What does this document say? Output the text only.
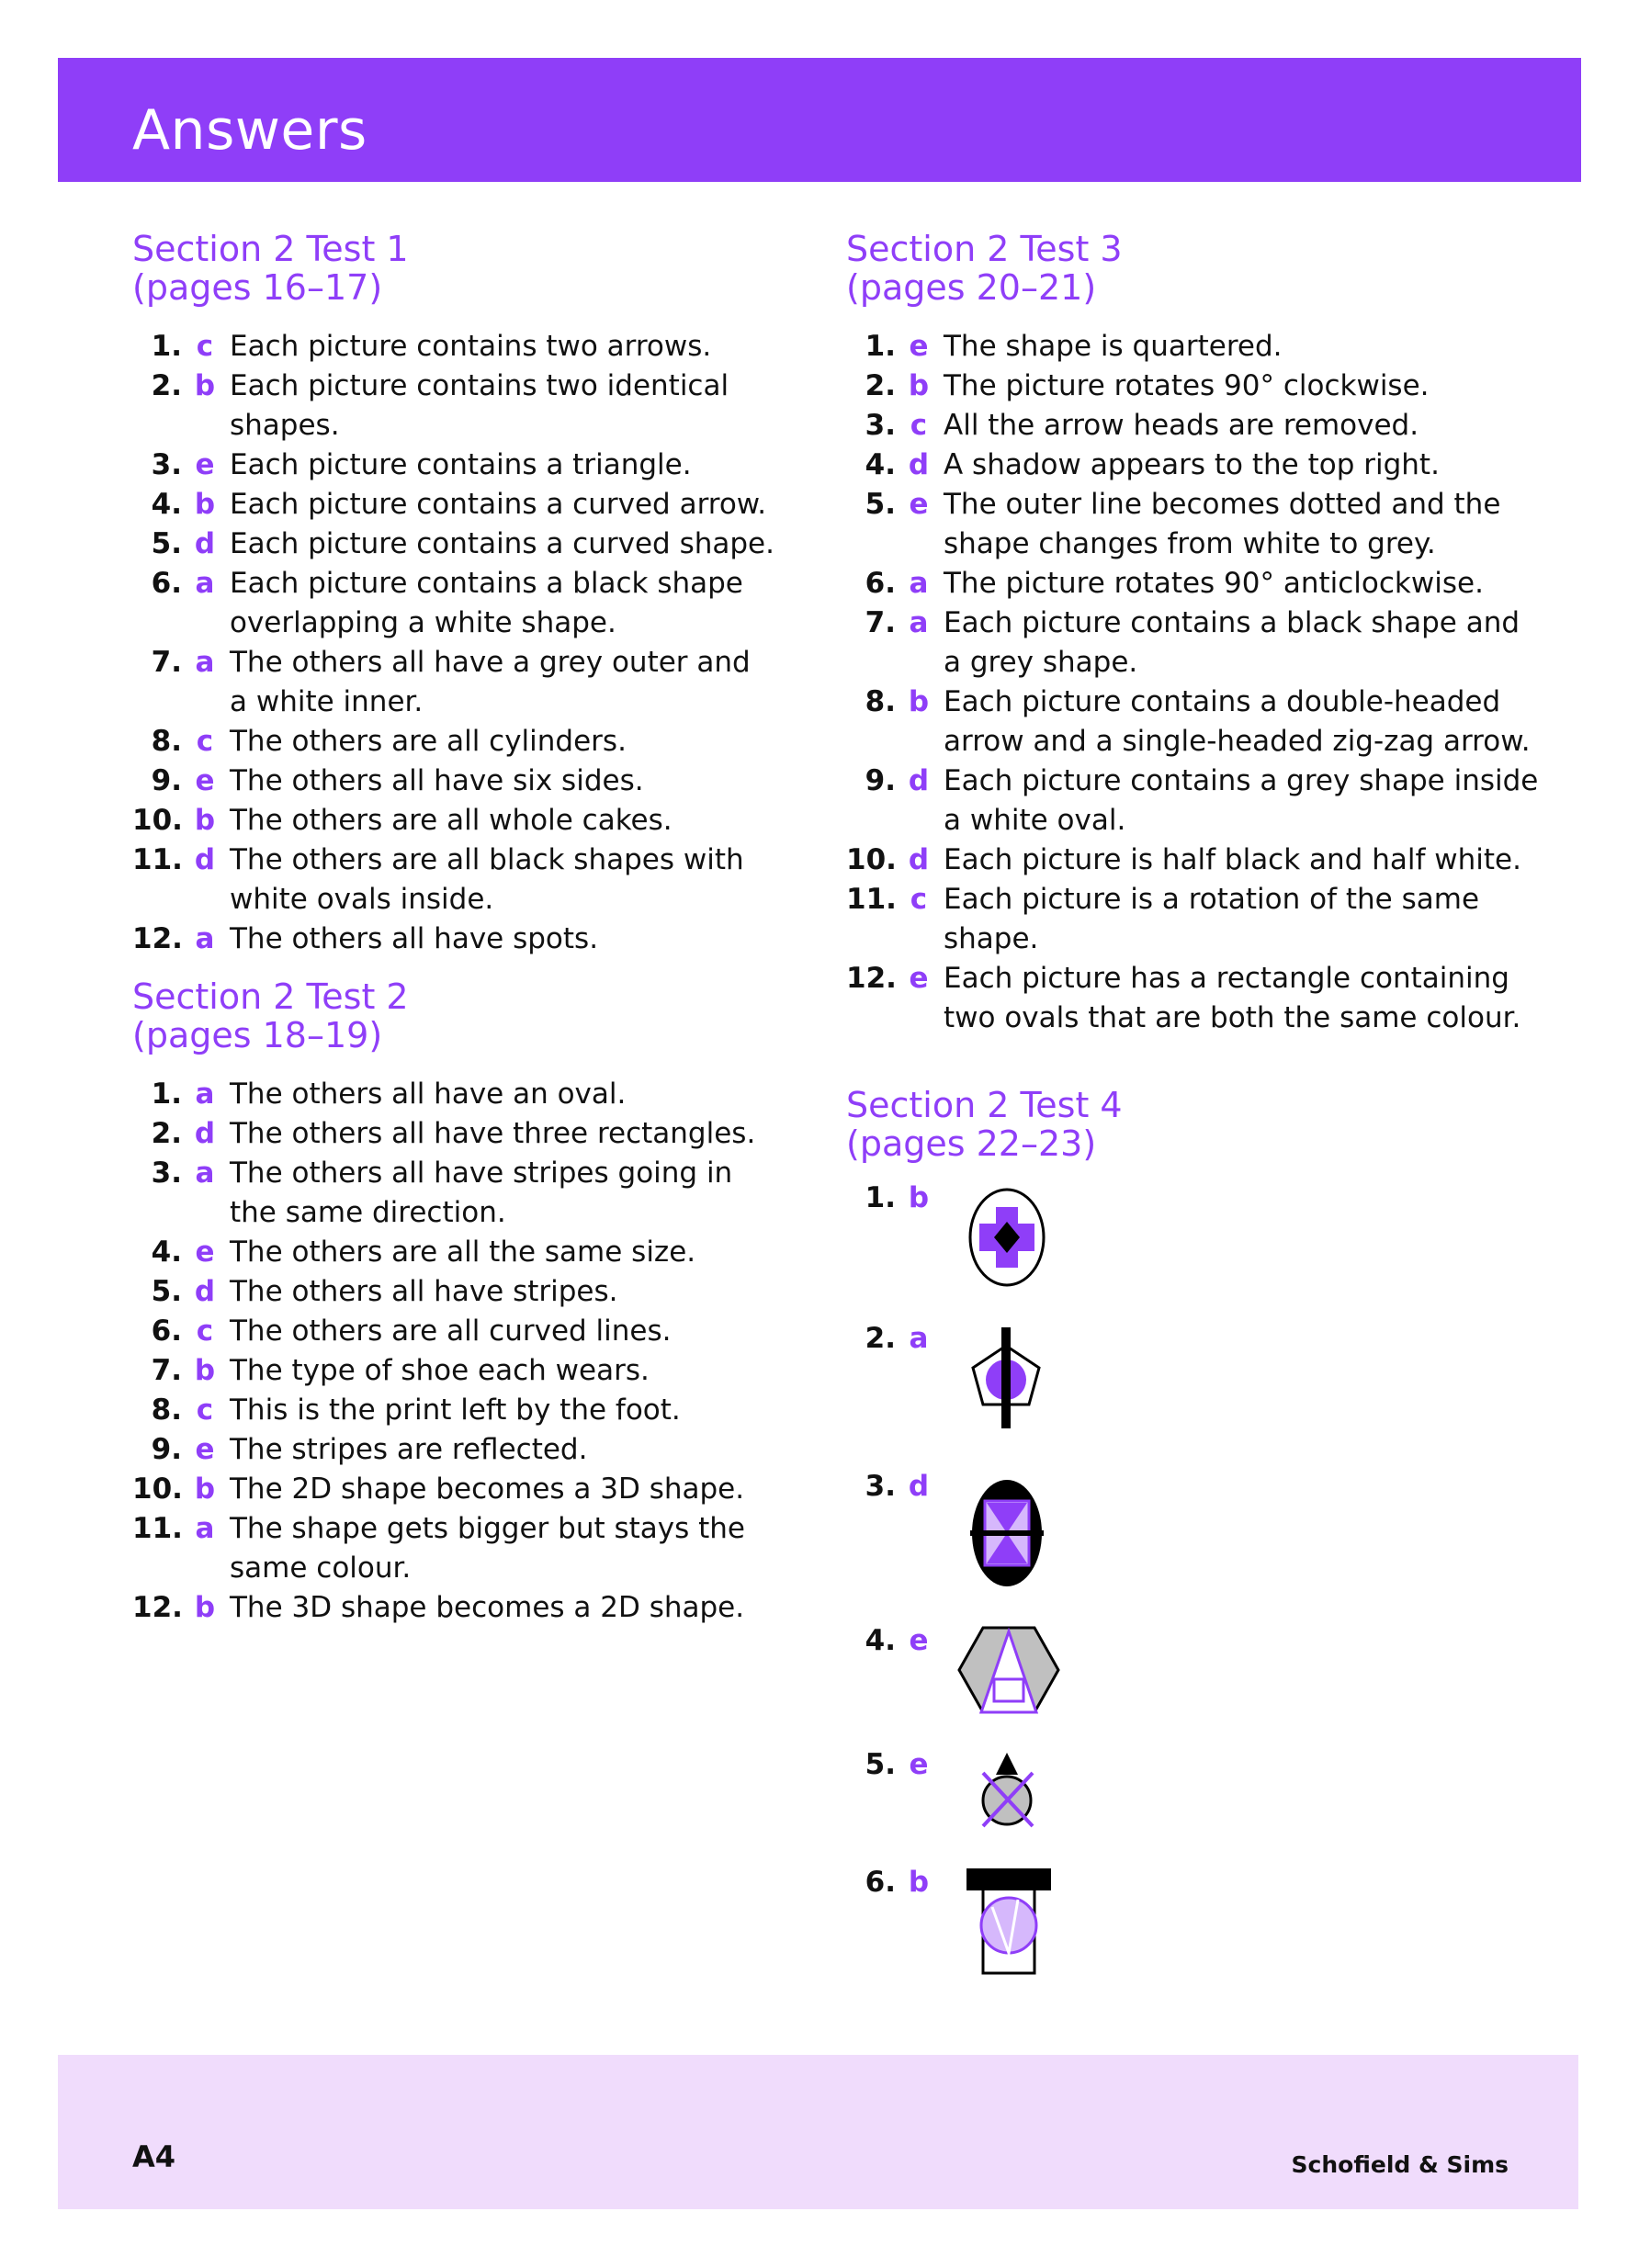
Answers
Section 2 Test 1
(pages 16–17)
1. c Each picture contains two arrows.
2. b Each picture contains two identical shapes.
3. e Each picture contains a triangle.
4. b Each picture contains a curved arrow.
5. d Each picture contains a curved shape.
6. a Each picture contains a black shape overlapping a white shape.
7. a The others all have a grey outer and a white inner.
8. c The others are all cylinders.
9. e The others all have six sides.
10. b The others are all whole cakes.
11. d The others are all black shapes with white ovals inside.
12. a The others all have spots.
Section 2 Test 2
(pages 18–19)
1. a The others all have an oval.
2. d The others all have three rectangles.
3. a The others all have stripes going in the same direction.
4. e The others are all the same size.
5. d The others all have stripes.
6. c The others are all curved lines.
7. b The type of shoe each wears.
8. c This is the print left by the foot.
9. e The stripes are reflected.
10. b The 2D shape becomes a 3D shape.
11. a The shape gets bigger but stays the same colour.
12. b The 3D shape becomes a 2D shape.
Section 2 Test 3
(pages 20–21)
1. e The shape is quartered.
2. b The picture rotates 90° clockwise.
3. c All the arrow heads are removed.
4. d A shadow appears to the top right.
5. e The outer line becomes dotted and the shape changes from white to grey.
6. a The picture rotates 90° anticlockwise.
7. a Each picture contains a black shape and a grey shape.
8. b Each picture contains a double-headed arrow and a single-headed zig-zag arrow.
9. d Each picture contains a grey shape inside a white oval.
10. d Each picture is half black and half white.
11. c Each picture is a rotation of the same shape.
12. e Each picture has a rectangle containing two ovals that are both the same colour.
Section 2 Test 4
(pages 22–23)
1. b
2. a
3. d
4. e
5. e
6. b
A4	Schofield & Sims
